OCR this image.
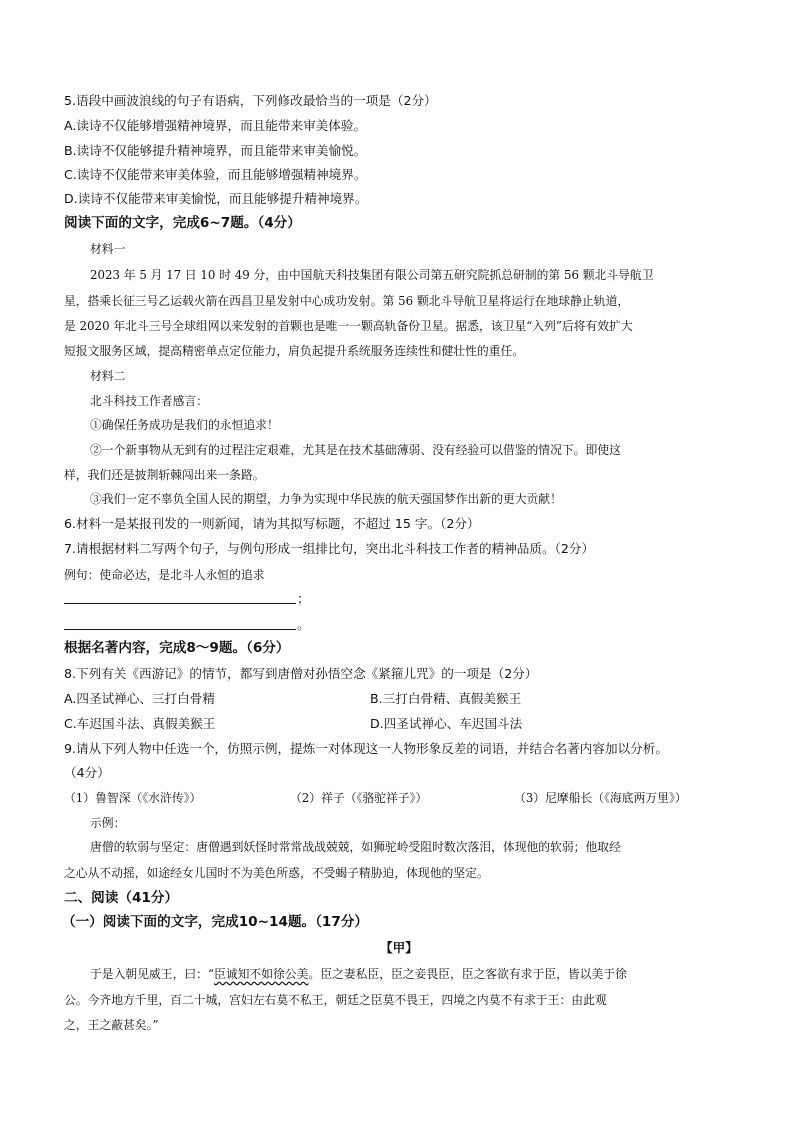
5.语段中画波浪线的句子有语病，下列修改最恰当的一项是（2分）
A.读诗不仅能够增强精神境界，而且能带来审美体验。
B.读诗不仅能够提升精神境界，而且能带来审美愉悦。
C.读诗不仅能带来审美体验，而且能够增强精神境界。
D.读诗不仅能带来审美愉悦，而且能够提升精神境界。
阅读下面的文字，完成6~7题。（4分）
材料一
2023 年 5 月 17 日 10 时 49 分，由中国航天科技集团有限公司第五研究院抓总研制的第 56 颗北斗导航卫
星，搭乘长征三号乙运载火箭在西昌卫星发射中心成功发射。第 56 颗北斗导航卫星将运行在地球静止轨道，
是 2020 年北斗三号全球组网以来发射的首颗也是唯一一颗高轨备份卫星。据悉，该卫星“入列”后将有效扩大
短报文服务区域，提高精密单点定位能力，肩负起提升系统服务连续性和健壮性的重任。
材料二
北斗科技工作者感言：
①确保任务成功是我们的永恒追求！
②一个新事物从无到有的过程注定艰难，尤其是在技术基础薄弱、没有经验可以借鉴的情况下。即使这
样，我们还是披荆斩棘闯出来一条路。
③我们一定不辜负全国人民的期望，力争为实现中华民族的航天强国梦作出新的更大贡献！
6.材料一是某报刊发的一则新闻，请为其拟写标题，不超过 15 字。（2分）
7.请根据材料二写两个句子，与例句形成一组排比句，突出北斗科技工作者的精神品质。（2分）
例句：使命必达，是北斗人永恒的追求
；
。
根据名著内容，完成8～9题。（6分）
8.下列有关《西游记》的情节，都写到唐僧对孙悟空念《紧箍儿咒》的一项是（2分）
A.四圣试禅心、三打白骨精	B.三打白骨精、真假美猴王
C.车迟国斗法、真假美猴王	D.四圣试禅心、车迟国斗法
9.请从下列人物中任选一个，仿照示例，提炼一对体现这一人物形象反差的词语，并结合名著内容加以分析。
（4分）
（1）鲁智深（《水浒传》）	（2）祥子（《骆驼祥子》）	（3）尼摩船长（《海底两万里》）
示例：
唐僧的软弱与坚定：唐僧遇到妖怪时常常战战兢兢，如狮驼岭受阻时数次落泪，体现他的软弱；他取经
之心从不动摇，如途经女儿国时不为美色所惑，不受蝎子精胁迫，体现他的坚定。
二、阅读（41分）
（一）阅读下面的文字，完成10~14题。（17分）
【甲】
于是入朝见威王，曰：“臣诚知不如徐公美。臣之妻私臣，臣之妾畏臣，臣之客欲有求于臣，皆以美于徐
公。今齐地方千里，百二十城，宫妇左右莫不私王，朝廷之臣莫不畏王，四境之内莫不有求于王：由此观
之，王之蔽甚矣。”
